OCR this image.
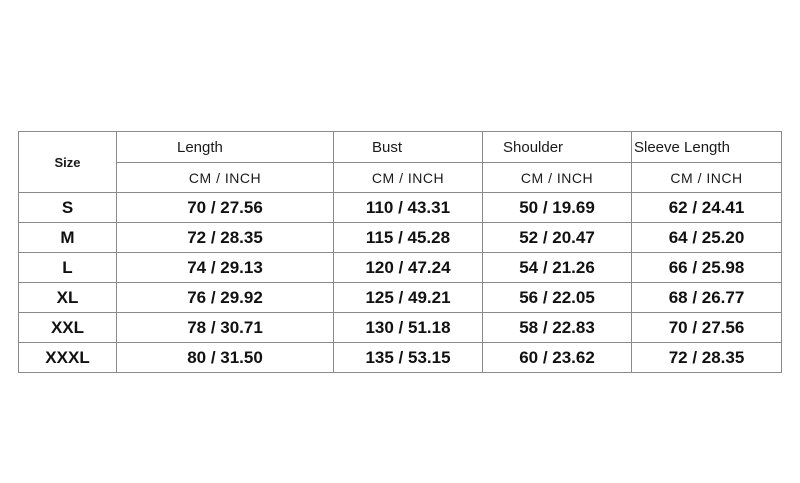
Size	Length	Bust	Shoulder	Sleeve Length
	CM / INCH	CM / INCH	CM / INCH	CM / INCH
S	70 / 27.56	110 / 43.31	50 / 19.69	62 / 24.41
M	72 / 28.35	115 / 45.28	52 / 20.47	64 / 25.20
L	74 / 29.13	120 / 47.24	54 / 21.26	66 / 25.98
XL	76 / 29.92	125 / 49.21	56 / 22.05	68 / 26.77
XXL	78 / 30.71	130 / 51.18	58 / 22.83	70 / 27.56
XXXL	80 / 31.50	135 / 53.15	60 / 23.62	72 / 28.35
